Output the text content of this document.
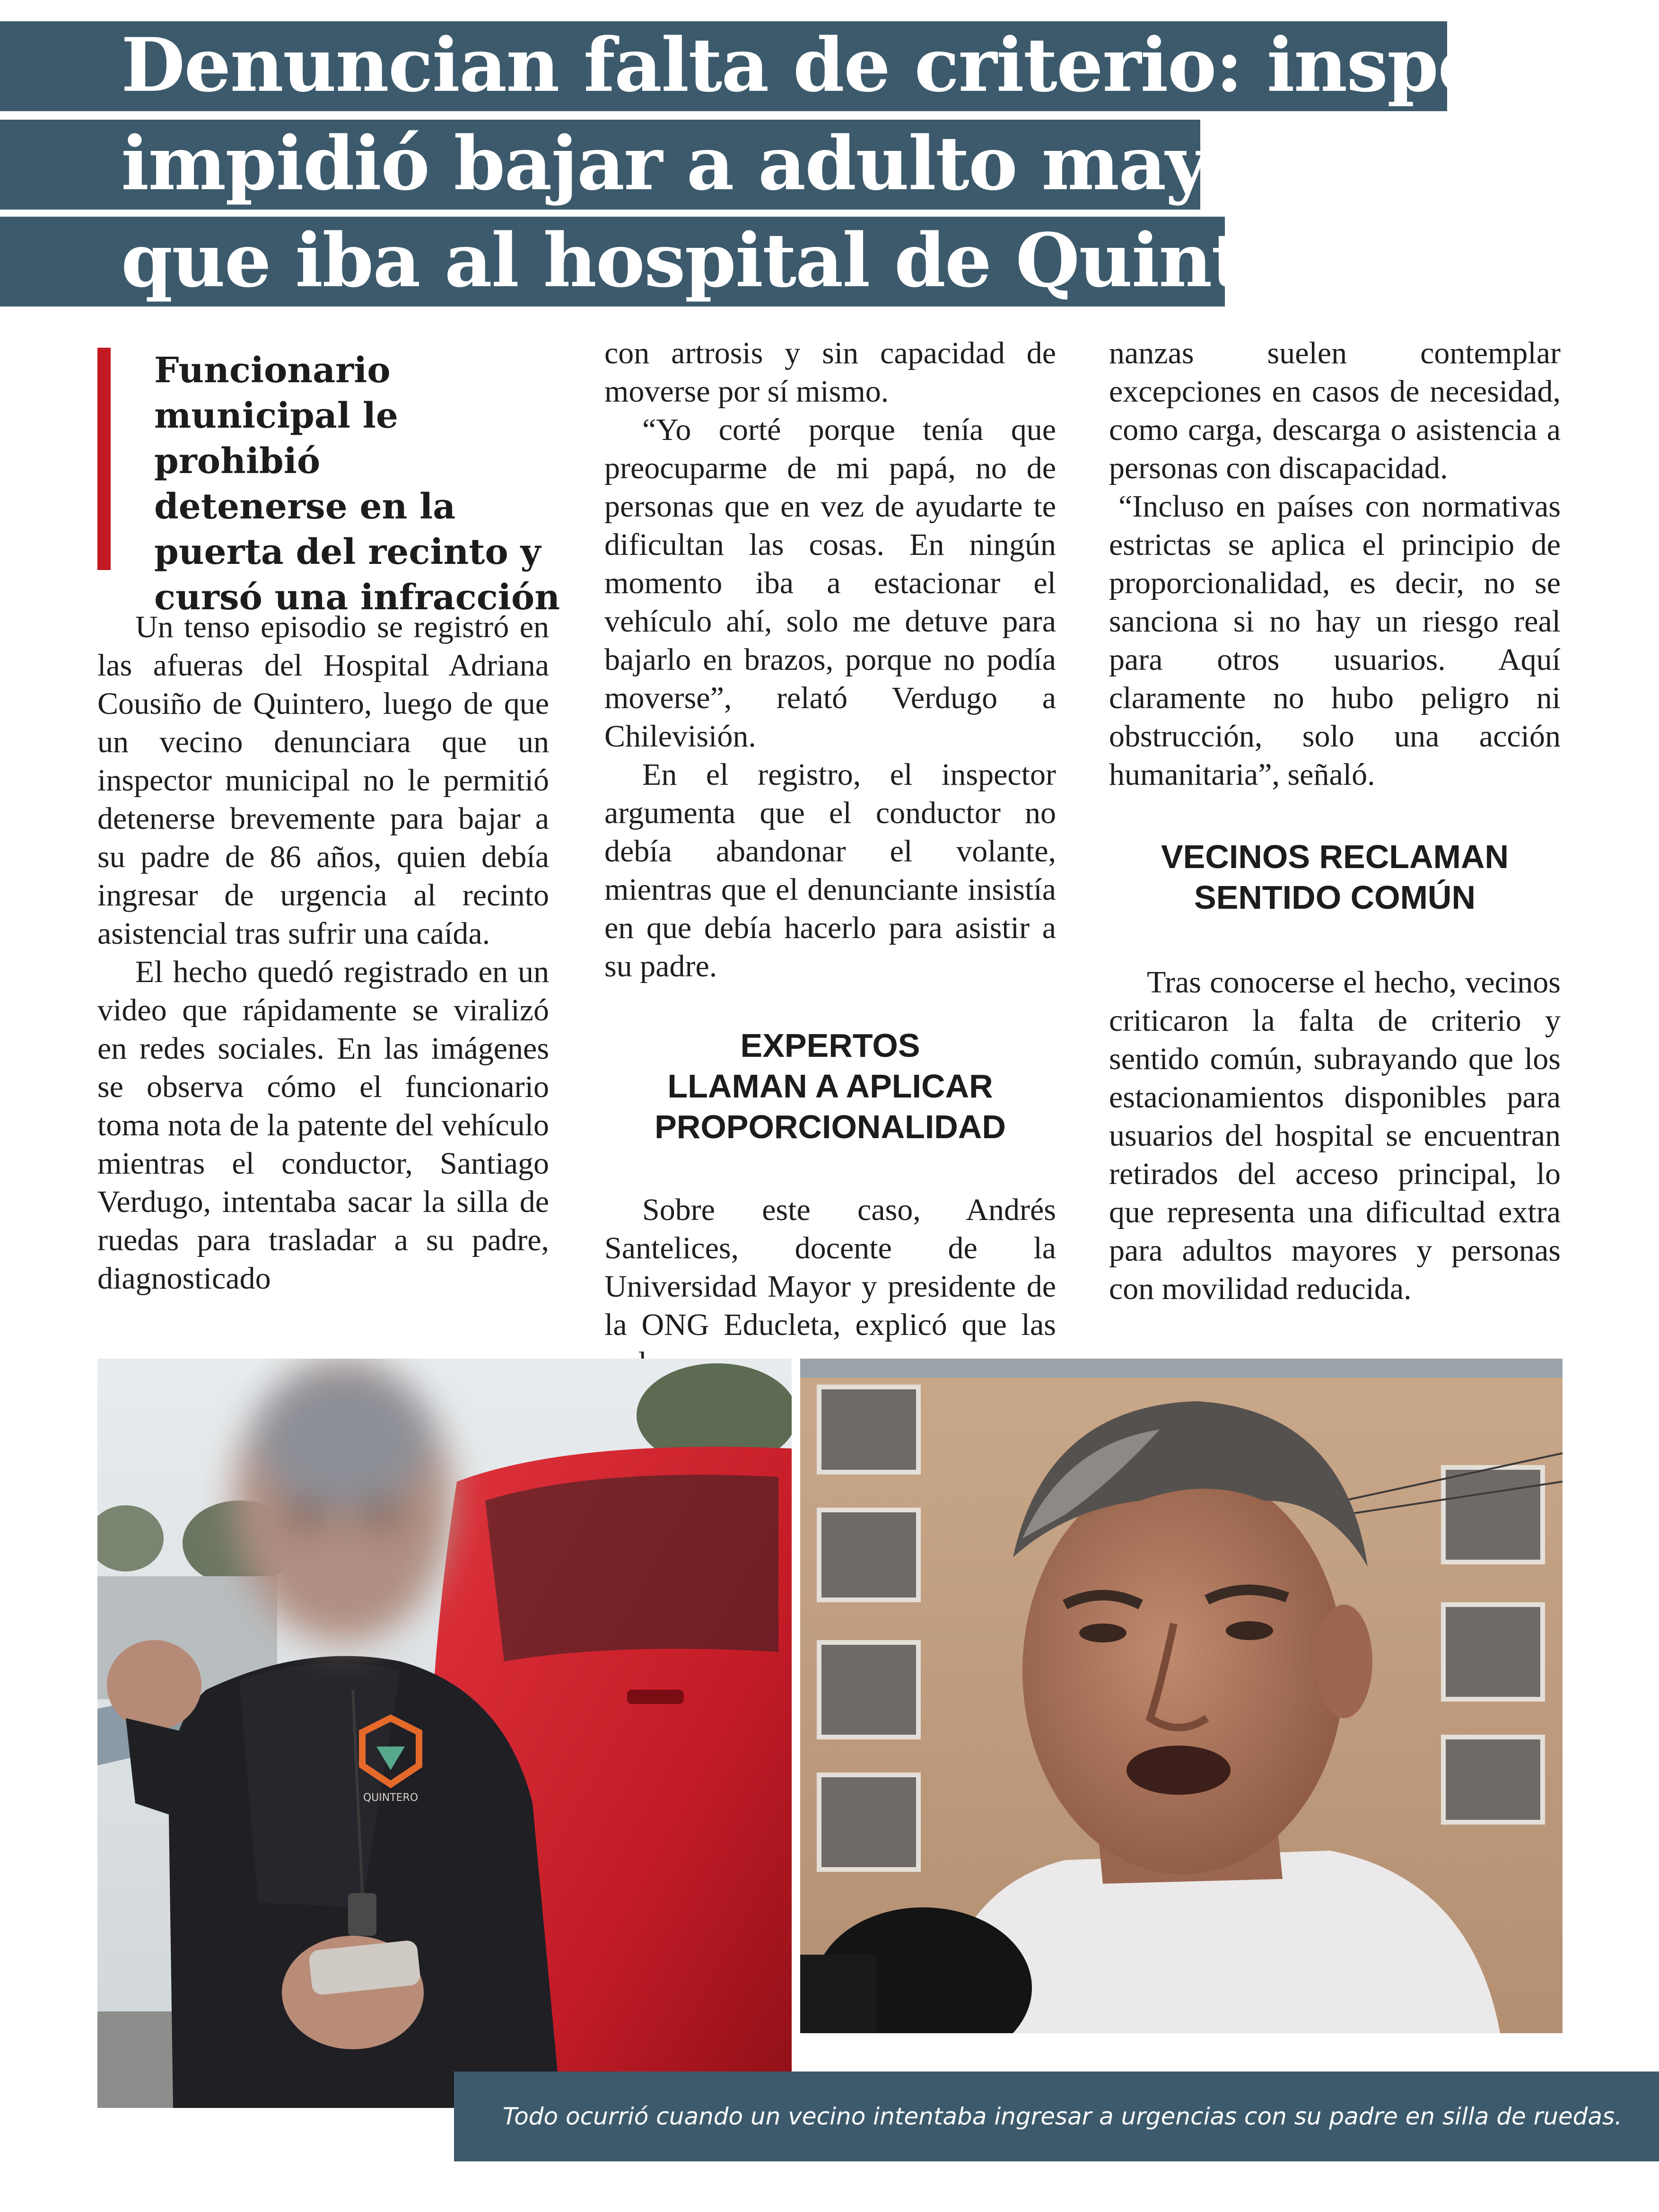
Denuncian falta de criterio: inspector
impidió bajar a adulto mayor
que iba al hospital de Quintero

Funcionario

municipal le prohibió

detenerse en la

puerta del recinto y

cursó una infracción

Un tenso episodio se registró en las afueras del Hospital Adriana Cousiño de Quintero, luego de que un vecino denunciara que un inspector municipal no le permitió detenerse brevemente para bajar a su padre de 86 años, quien debía ingresar de urgencia al recinto asistencial tras sufrir una caída.

El hecho quedó registrado en un video que rápidamente se viralizó en redes sociales. En las imágenes se observa cómo el funcionario toma nota de la patente del vehículo mientras el conductor, Santiago Verdugo, intentaba sacar la silla de ruedas para trasladar a su padre, diagnosticado

con artrosis y sin capacidad de moverse por sí mismo.

“Yo corté porque tenía que preocuparme de mi papá, no de personas que en vez de ayudarte te dificultan las cosas. En ningún momento iba a estacionar el vehículo ahí, solo me detuve para bajarlo en brazos, porque no podía moverse”, relató Verdugo a Chilevisión.

En el registro, el inspector argumenta que el conductor no debía abandonar el volante, mientras que el denunciante insistía en que debía hacerlo para asistir a su padre.

EXPERTOS

LLAMAN A APLICAR

PROPORCIONALIDAD

Sobre este caso, Andrés Santelices, docente de la Universidad Mayor y presidente de la ONG Educleta, explicó que las

nanzas suelen contemplar excepciones en casos de necesidad, como carga, descarga o asistencia a personas con discapacidad.

“Incluso en países con normativas estrictas se aplica el principio de proporcionalidad, es decir, no se sanciona si no hay un riesgo real para otros usuarios. Aquí claramente no hubo peligro ni obstrucción, solo una acción humanitaria”, señaló.

VECINOS RECLAMAN

SENTIDO COMÚN

Tras conocerse el hecho, vecinos criticaron la falta de criterio y sentido común, subrayando que los estacionamientos disponibles para usuarios del hospital se encuentran retirados del acceso principal, lo que representa una dificultad extra para adultos mayores y personas con movilidad reducida.

QUINTERO
Todo ocurrió cuando un vecino intentaba ingresar a urgencias con su padre en silla de ruedas.
